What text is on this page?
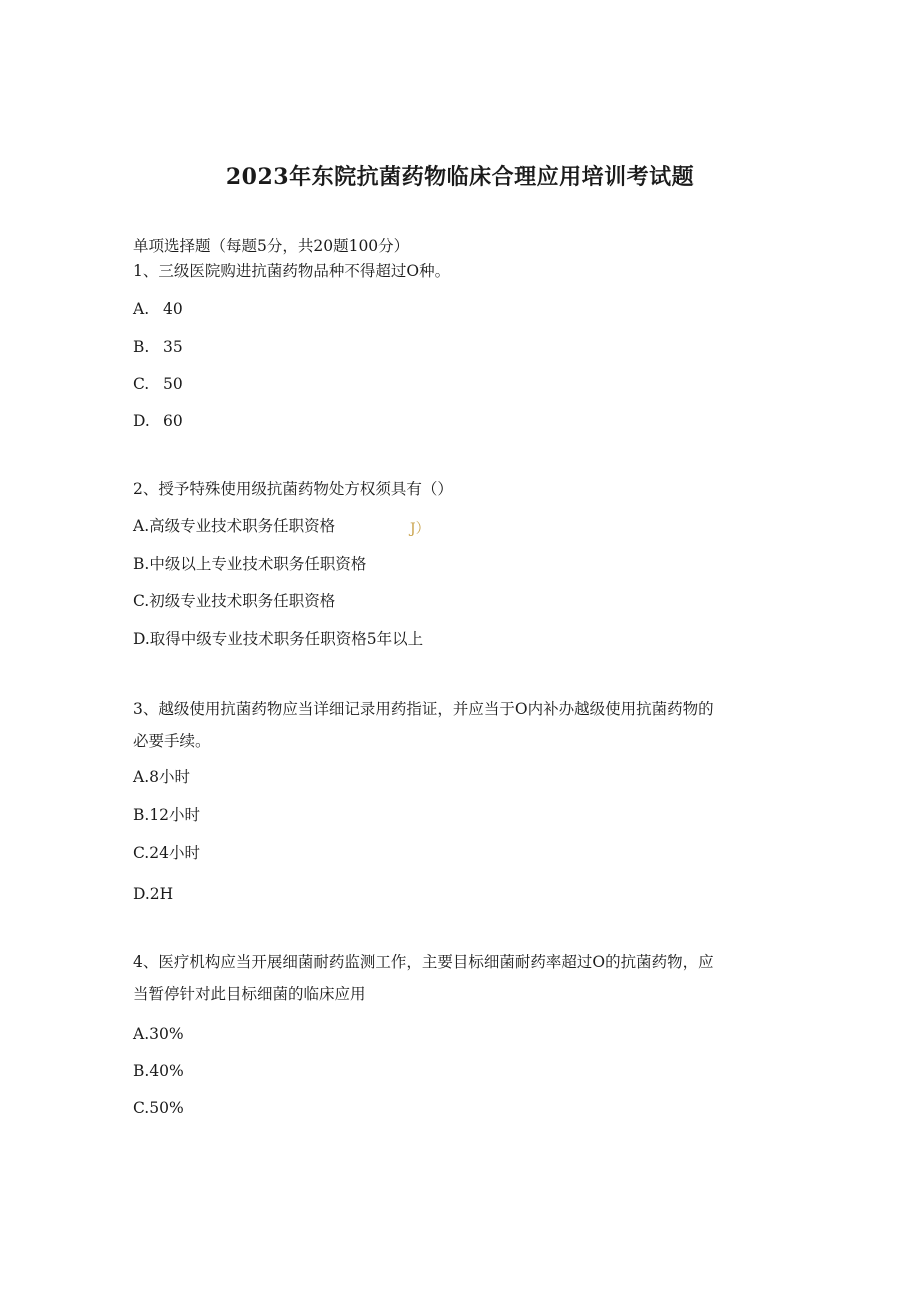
2023年东院抗菌药物临床合理应用培训考试题
单项选择题（每题5分，共20题100分）
1、三级医院购进抗菌药物品种不得超过O种。
A. 40
B. 35
C. 50
D. 60
2、授予特殊使用级抗菌药物处方权须具有（）
A.高级专业技术职务任职资格	J）
B.中级以上专业技术职务任职资格
C.初级专业技术职务任职资格
D.取得中级专业技术职务任职资格5年以上
3、越级使用抗菌药物应当详细记录用药指证，并应当于O内补办越级使用抗菌药物的
必要手续。
A.8小时
B.12小时
C.24小时
D.2H
4、医疗机构应当开展细菌耐药监测工作，主要目标细菌耐药率超过O的抗菌药物，应
当暂停针对此目标细菌的临床应用
A.30%
B.40%
C.50%
